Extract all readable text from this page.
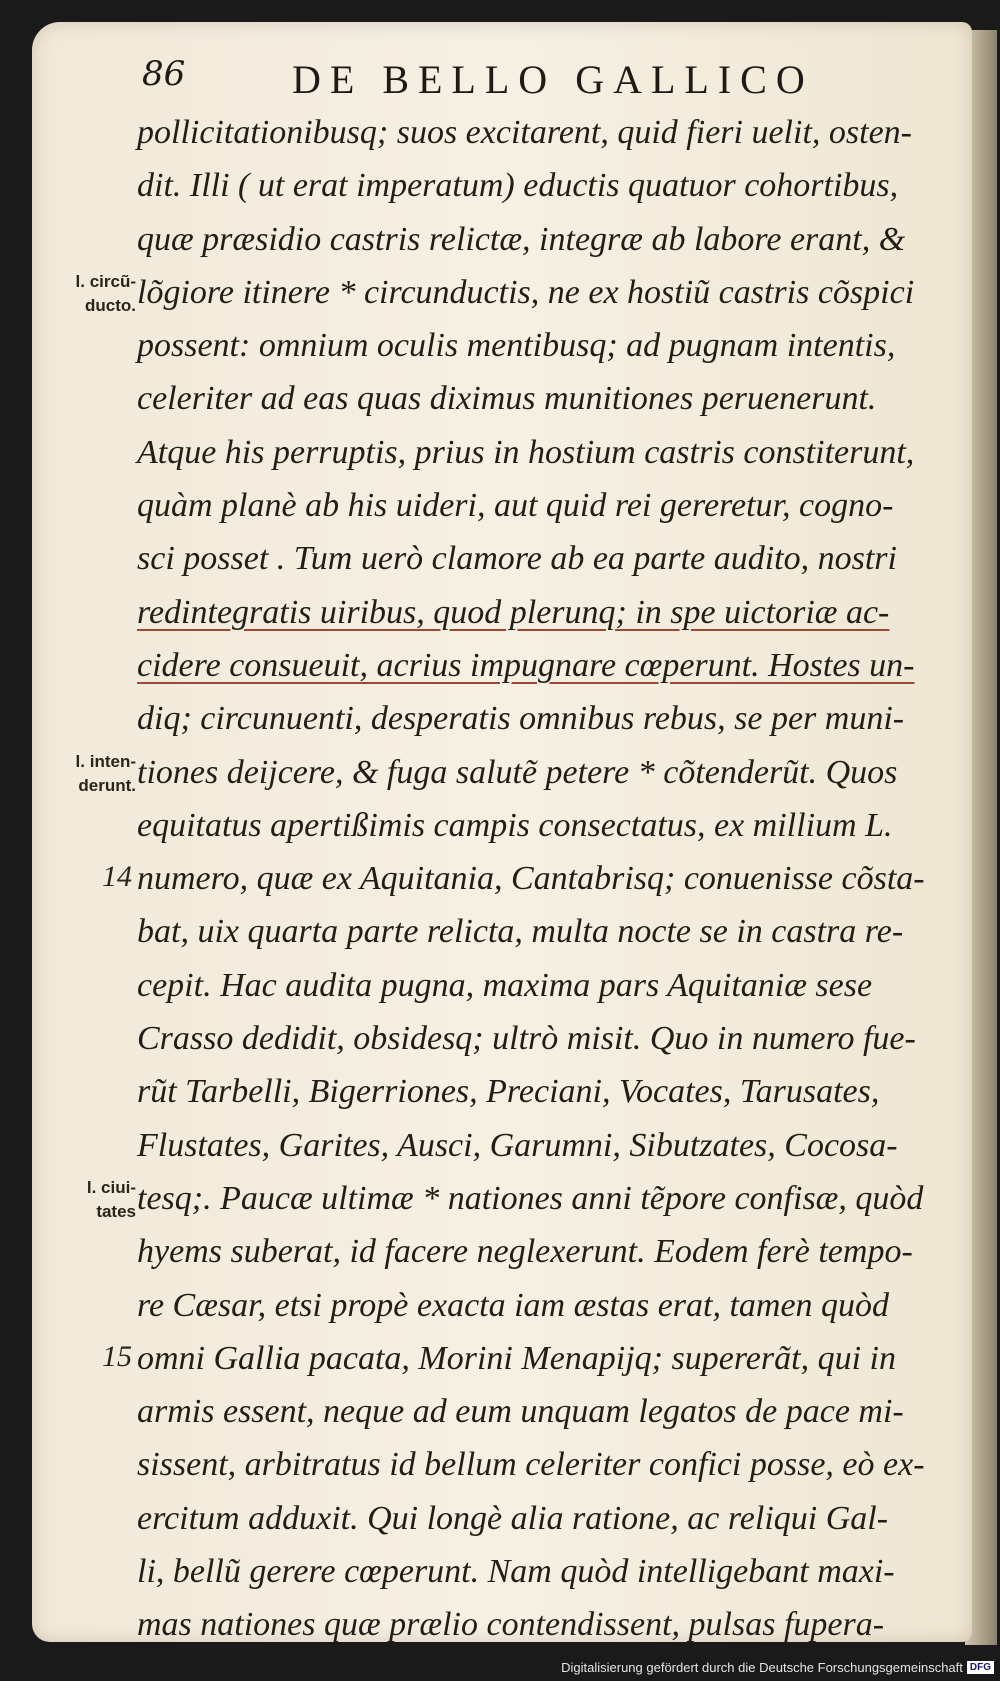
86	DE BELLO GALLICO
pollicitationibusq; suos excitarent, quid fieri uelit, osten-
dit. Illi ( ut erat imperatum) eductis quatuor cohortibus,
quæ præsidio castris relictæ, integræ ab labore erant, &
lõgiore itinere * circunductis, ne ex hostiũ castris cõspici
possent: omnium oculis mentibusq; ad pugnam intentis,
celeriter ad eas quas diximus munitiones peruenerunt.
Atque his perruptis, prius in hostium castris constiterunt,
quàm planè ab his uideri, aut quid rei gereretur, cogno-
sci posset . Tum uerò clamore ab ea parte audito, nostri
redintegratis uiribus, quod plerunq; in spe uictoriæ ac-
cidere consueuit, acrius impugnare cœperunt. Hostes un-
diq; circunuenti, desperatis omnibus rebus, se per muni-
tiones deijcere, & fuga salutẽ petere * cõtenderũt. Quos
equitatus apertißimis campis consectatus, ex millium L.
numero, quæ ex Aquitania, Cantabrisq; conuenisse cõsta-
bat, uix quarta parte relicta, multa nocte se in castra re-
cepit. Hac audita pugna, maxima pars Aquitaniæ sese
Crasso dedidit, obsidesq; ultrò misit. Quo in numero fue-
rũt Tarbelli, Bigerriones, Preciani, Vocates, Tarusates,
Flustates, Garites, Ausci, Garumni, Sibutzates, Cocosa-
tesq;. Paucæ ultimæ * nationes anni tẽpore confisæ, quòd
hyems suberat, id facere neglexerunt. Eodem ferè tempo-
re Cæsar, etsi propè exacta iam æstas erat, tamen quòd
omni Gallia pacata, Morini Menapijq; supererãt, qui in
armis essent, neque ad eum unquam legatos de pace mi-
sissent, arbitratus id bellum celeriter confici posse, eò ex-
ercitum adduxit. Qui longè alia ratione, ac reliqui Gal-
li, bellũ gerere cœperunt. Nam quòd intelligebant maxi-
mas nationes quæ prælio contendissent, pulsas fupera-
l. circũ-
ducto.
l. inten-
derunt.
l. ciui-
tates
14
15
Digitalisierung gefördert durch die Deutsche Forschungsgemeinschaft DFG
